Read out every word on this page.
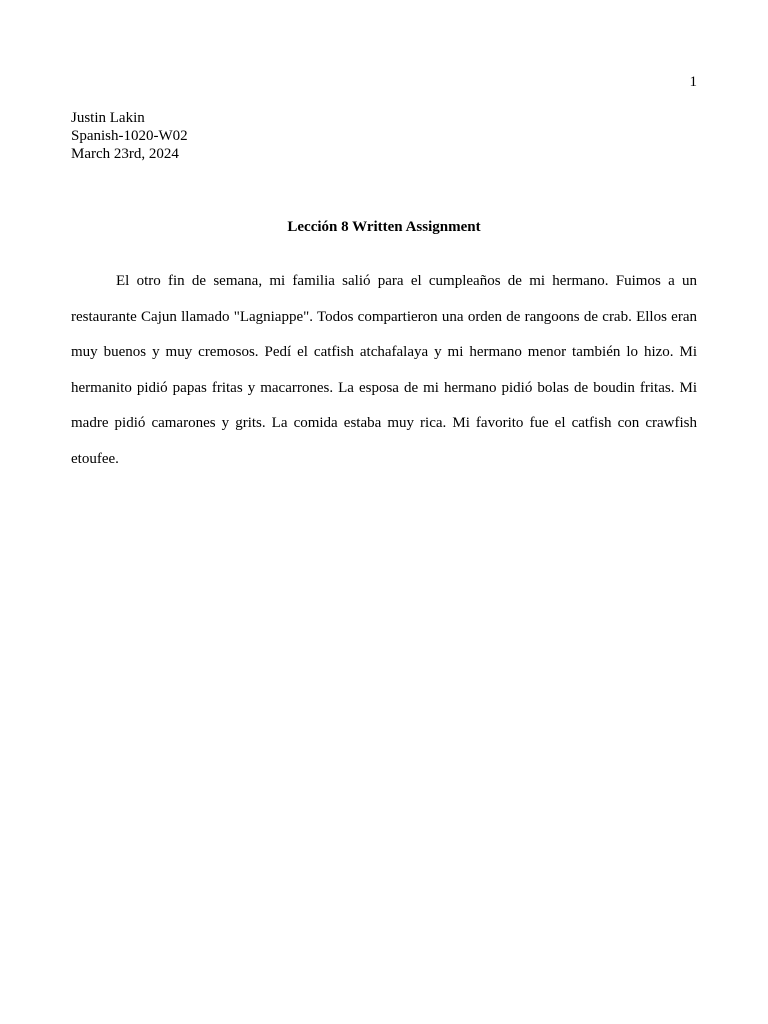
1
Justin Lakin
Spanish-1020-W02
March 23rd, 2024
Lección 8 Written Assignment

El otro fin de semana, mi familia salió para el cumpleaños de mi hermano. Fuimos a un restaurante Cajun llamado "Lagniappe". Todos compartieron una orden de rangoons de crab. Ellos eran muy buenos y muy cremosos. Pedí el catfish atchafalaya y mi hermano menor también lo hizo. Mi hermanito pidió papas fritas y macarrones. La esposa de mi hermano pidió bolas de boudin fritas. Mi madre pidió camarones y grits. La comida estaba muy rica. Mi favorito fue el catfish con crawfish etoufee.
